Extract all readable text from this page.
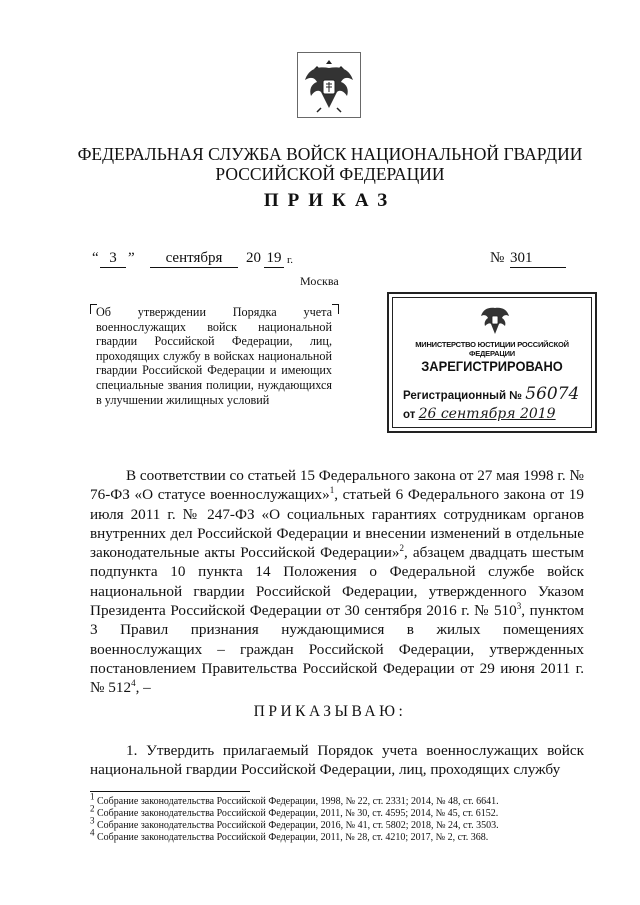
ФЕДЕРАЛЬНАЯ СЛУЖБА ВОЙСК НАЦИОНАЛЬНОЙ ГВАРДИИ
РОССИЙСКОЙ ФЕДЕРАЦИИ
ПРИКАЗ
“ 3 ”	сентября	20 19 г.	№ 301
Москва
Об утверждении Порядка учета военнослужащих войск национальной гвардии Российской Федерации, лиц, проходящих службу в войсках национальной гвардии Российской Федерации и имеющих специальные звания полиции, нуждающихся в улучшении жилищных условий
МИНИСТЕРСТВО ЮСТИЦИИ РОССИЙСКОЙ ФЕДЕРАЦИИ
ЗАРЕГИСТРИРОВАНО
Регистрационный № 56074
от 26 сентября 2019

В соответствии со статьей 15 Федерального закона от 27 мая 1998 г. № 76-ФЗ «О статусе военнослужащих»$^1$, статьей 6 Федерального закона от 19 июля 2011 г. № 247-ФЗ «О социальных гарантиях сотрудникам органов внутренних дел Российской Федерации и внесении изменений в отдельные законодательные акты Российской Федерации»$^2$, абзацем двадцать шестым подпункта 10 пункта 14 Положения о Федеральной службе войск национальной гвардии Российской Федерации, утвержденного Указом Президента Российской Федерации от 30 сентября 2016 г. № $510^3$, пунктом 3 Правил признания нуждающимися в жилых помещениях военнослужащих – граждан Российской Федерации, утвержденных постановлением Правительства Российской Федерации от 29 июня 2011 г. № $512^4$, –

ПРИКАЗЫВАЮ:

1. Утвердить прилагаемый Порядок учета военнослужащих войск национальной гвардии Российской Федерации, лиц, проходящих службу

$^1$ Собрание законодательства Российской Федерации, 1998, № 22, ст. 2331; 2014, № 48, ст. 6641.
$^2$ Собрание законодательства Российской Федерации, 2011, № 30, ст. 4595; 2014, № 45, ст. 6152.
$^3$ Собрание законодательства Российской Федерации, 2016, № 41, ст. 5802; 2018, № 24, ст. 3503.
$^4$ Собрание законодательства Российской Федерации, 2011, № 28, ст. 4210; 2017, № 2, ст. 368.
